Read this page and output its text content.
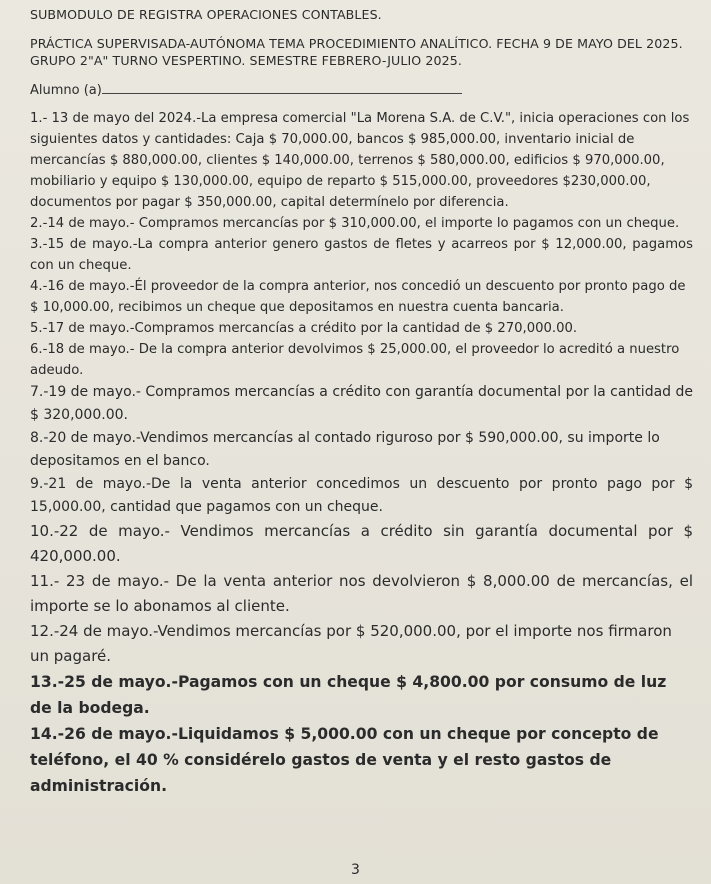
SUBMODULO DE REGISTRA OPERACIONES CONTABLES.

PRÁCTICA SUPERVISADA-AUTÓNOMA TEMA PROCEDIMIENTO ANALÍTICO. FECHA 9 DE MAYO DEL 2025. GRUPO 2"A" TURNO VESPERTINO. SEMESTRE FEBRERO-JULIO 2025.

Alumno (a)

1.- 13 de mayo del 2024.-La empresa comercial "La Morena S.A. de C.V.", inicia operaciones con los siguientes datos y cantidades: Caja $ 70,000.00, bancos $ 985,000.00, inventario inicial de mercancías $ 880,000.00, clientes $ 140,000.00, terrenos $ 580,000.00, edificios $ 970,000.00, mobiliario y equipo $ 130,000.00, equipo de reparto $ 515,000.00, proveedores $230,000.00, documentos por pagar $ 350,000.00, capital determínelo por diferencia.

2.-14 de mayo.- Compramos mercancías por $ 310,000.00, el importe lo pagamos con un cheque.

3.-15 de mayo.-La compra anterior genero gastos de fletes y acarreos por $ 12,000.00, pagamos con un cheque.

4.-16 de mayo.-Él proveedor de la compra anterior, nos concedió un descuento por pronto pago de $ 10,000.00, recibimos un cheque que depositamos en nuestra cuenta bancaria.

5.-17 de mayo.-Compramos mercancías a crédito por la cantidad de $ 270,000.00.

6.-18 de mayo.- De la compra anterior devolvimos $ 25,000.00, el proveedor lo acreditó a nuestro adeudo.

7.-19 de mayo.- Compramos mercancías a crédito con garantía documental por la cantidad de $ 320,000.00.

8.-20 de mayo.-Vendimos mercancías al contado riguroso por $ 590,000.00, su importe lo depositamos en el banco.

9.-21 de mayo.-De la venta anterior concedimos un descuento por pronto pago por $ 15,000.00, cantidad que pagamos con un cheque.

10.-22 de mayo.- Vendimos mercancías a crédito sin garantía documental por $ 420,000.00.

11.- 23 de mayo.- De la venta anterior nos devolvieron $ 8,000.00 de mercancías, el importe se lo abonamos al cliente.

12.-24 de mayo.-Vendimos mercancías por $ 520,000.00, por el importe nos firmaron un pagaré.

13.-25 de mayo.-Pagamos con un cheque $ 4,800.00 por consumo de luz de la bodega.

14.-26 de mayo.-Liquidamos $ 5,000.00 con un cheque por concepto de teléfono, el 40 % considérelo gastos de venta y el resto gastos de administración.

3
